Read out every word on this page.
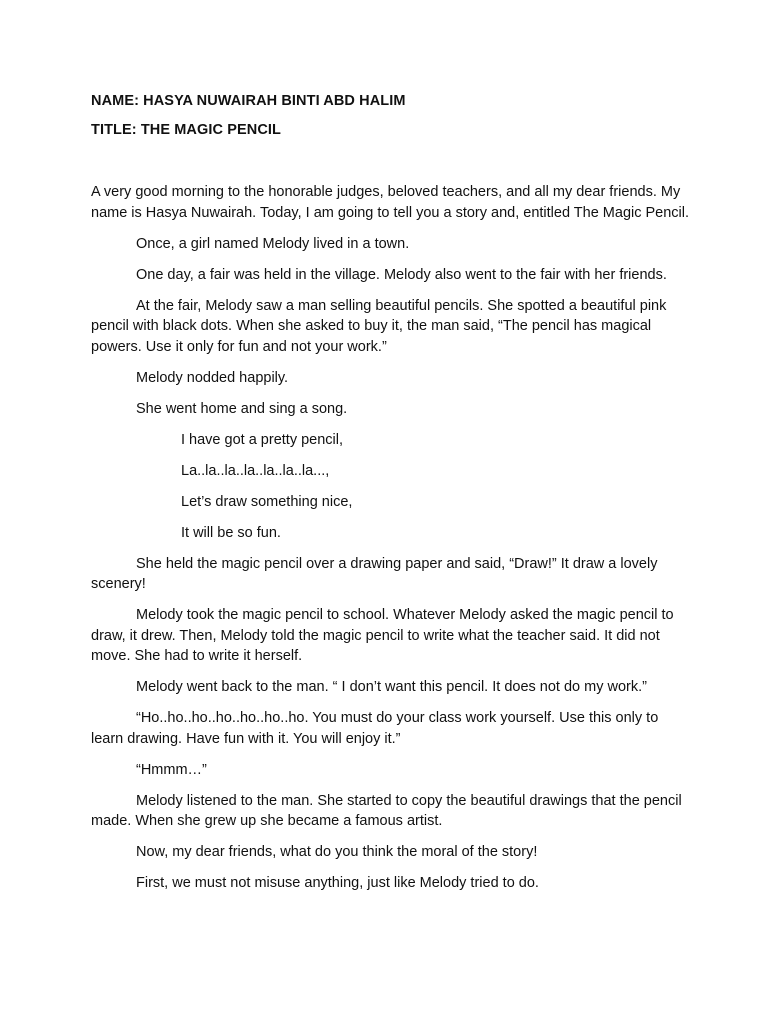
NAME: HASYA NUWAIRAH BINTI ABD HALIM
TITLE: THE MAGIC PENCIL

A very good morning to the honorable judges, beloved teachers, and all my dear friends. My name is Hasya Nuwairah. Today, I am going to tell you a story and, entitled The Magic Pencil.

Once, a girl named Melody lived in a town.

One day, a fair was held in the village. Melody also went to the fair with her friends.

At the fair, Melody saw a man selling beautiful pencils. She spotted a beautiful pink pencil with black dots. When she asked to buy it, the man said, “The pencil has magical powers. Use it only for fun and not your work.”

Melody nodded happily.

She went home and sing a song.

I have got a pretty pencil,

La..la..la..la..la..la..la...,

Let’s draw something nice,

It will be so fun.

She held the magic pencil over a drawing paper and said, “Draw!” It draw a lovely scenery!

Melody took the magic pencil to school. Whatever Melody asked the magic pencil to draw, it drew. Then, Melody told the magic pencil to write what the teacher said. It did not move. She had to write it herself.

Melody went back to the man. “ I don’t want this pencil. It does not do my work.”

“Ho..ho..ho..ho..ho..ho..ho. You must do your class work yourself. Use this only to learn drawing. Have fun with it. You will enjoy it.”

“Hmmm…”

Melody listened to the man. She started to copy the beautiful drawings that the pencil made. When she grew up she became a famous artist.

Now, my dear friends, what do you think the moral of the story!

First, we must not misuse anything, just like Melody tried to do.
